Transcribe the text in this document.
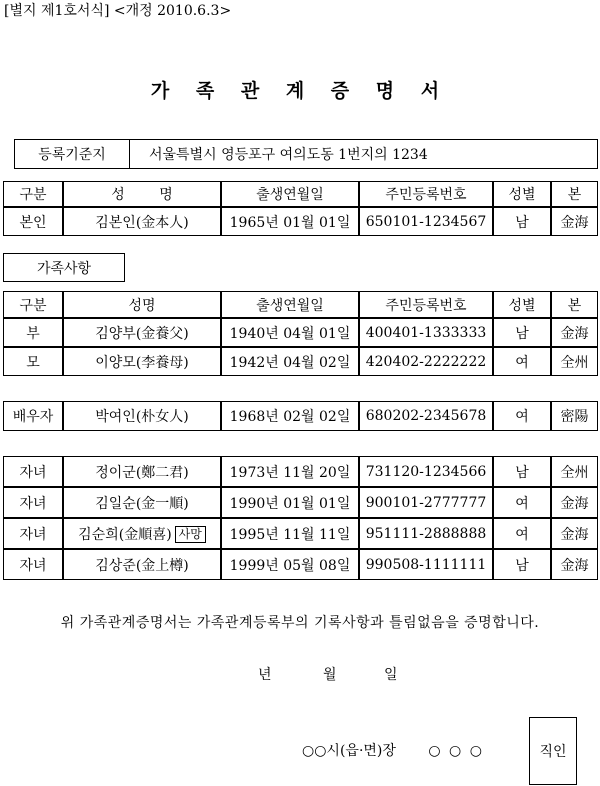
[별지 제1호서식] <개정 2010.6.3>
가 족 관 계 증 명 서
등록기준지	서울특별시 영등포구 여의도동 1번지의 1234
구분	성 명	출생연월일	주민등록번호	성별	본
본인	김본인(金本人)	1965년 01월 01일	650101-1234567	남	金海
가족사항
구분	성명	출생연월일	주민등록번호	성별	본
부	김양부(金養父)	1940년 04월 01일	400401-1333333	남	金海
모	이양모(李養母)	1942년 04월 02일	420402-2222222	여	全州
배우자	박여인(朴女人)	1968년 02월 02일	680202-2345678	여	密陽
자녀	정이군(鄭二君)	1973년 11월 20일	731120-1234566	남	全州
자녀	김일순(金一順)	1990년 01월 01일	900101-2777777	여	金海
자녀	김순희(金順喜) 사망	1995년 11월 11일	951111-2888888	여	金海
자녀	김상준(金上樽)	1999년 05월 08일	990508-1111111	남	金海
위 가족관계증명서는 가족관계등록부의 기록사항과 틀림없음을 증명합니다.
년	월	일
○○시(읍·면)장 ○ ○ ○	직인
